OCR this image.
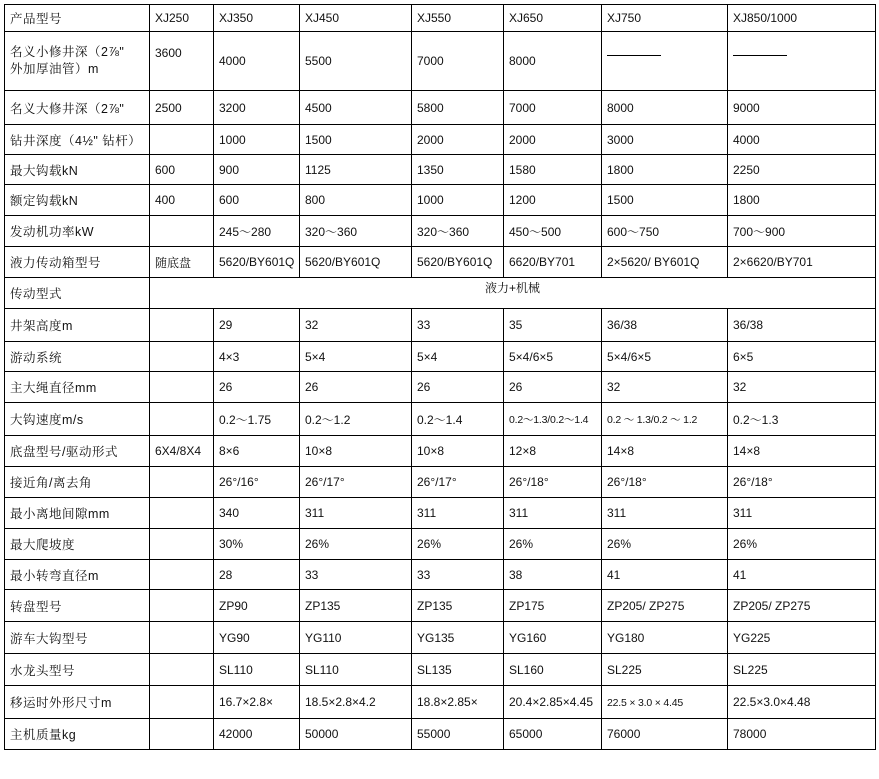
产品型号	XJ250	XJ350	XJ450	XJ550	XJ650	XJ750	XJ850/1000

名义小修井深（2⅞"
外加厚油管）m	3600	4000	5500	7000	8000		
名义大修井深（2⅞"	2500	3200	4500	5800	7000	8000	9000
钻井深度（4½" 钻杆）		1000	1500	2000	2000	3000	4000
最大钩载kN	600	900	1125	1350	1580	1800	2250
额定钩载kN	400	600	800	1000	1200	1500	1800
发动机功率kW		245～280	320～360	320～360	450～500	600～750	700～900
液力传动箱型号	随底盘	5620/BY601Q	5620/BY601Q	5620/BY601Q	6620/BY701	2×5620/ BY601Q	2×6620/BY701
传动型式	液力+机械						
井架高度m		29	32	33	35	36/38	36/38
游动系统		4×3	5×4	5×4	5×4/6×5	5×4/6×5	6×5
主大绳直径mm		26	26	26	26	32	32
大钩速度m/s		0.2～1.75	0.2～1.2	0.2～1.4	0.2～1.3/0.2～1.4	0.2 ～ 1.3/0.2 ～ 1.2	0.2～1.3
底盘型号/驱动形式	6X4/8X4	8×6	10×8	10×8	12×8	14×8	14×8
接近角/离去角		26°/16°	26°/17°	26°/17°	26°/18°	26°/18°	26°/18°
最小离地间隙mm		340	311	311	311	311	311
最大爬坡度		30%	26%	26%	26%	26%	26%
最小转弯直径m		28	33	33	38	41	41
转盘型号		ZP90	ZP135	ZP135	ZP175	ZP205/ ZP275	ZP205/ ZP275
游车大钩型号		YG90	YG110	YG135	YG160	YG180	YG225
水龙头型号		SL110	SL110	SL135	SL160	SL225	SL225
移运时外形尺寸m		16.7×2.8×	18.5×2.8×4.2	18.8×2.85×	20.4×2.85×4.45	22.5 × 3.0 × 4.45	22.5×3.0×4.48
主机质量kg		42000	50000	55000	65000	76000	78000
